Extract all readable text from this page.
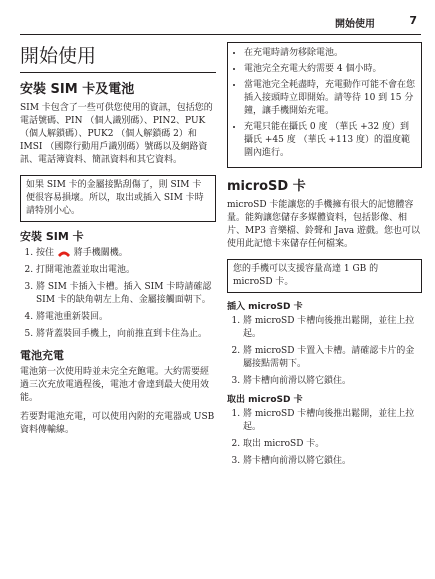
開始使用	7
開始使用
安裝 SIM 卡及電池

SIM 卡包含了一些可供您使用的資訊，包括您的電話號碼、PIN （個人識別碼）、PIN2、PUK （個人解鎖碼）、PUK2 （個人解鎖碼 2）和 IMSI （國際行動用戶識別碼）號碼以及網路資訊、電話簿資料、簡訊資料和其它資料。

如果 SIM 卡的金屬接點刮傷了，則 SIM 卡便很容易損壞。所以，取出或插入 SIM 卡時請特別小心。
安裝 SIM 卡
1. 按住 將手機關機。
2. 打開電池蓋並取出電池。
3. 將 SIM 卡插入卡槽。插入 SIM 卡時請確認 SIM 卡的缺角朝左上角、金屬接觸面朝下。
4. 將電池重新裝回。
5. 將背蓋裝回手機上，向前推直到卡住為止。
電池充電

電池第一次使用時並未完全充飽電。大約需要經過三次充放電過程後，電池才會達到最大使用效能。

若要對電池充電，可以使用內附的充電器或 USB 資料傳輸線。

• 在充電時請勿移除電池。
• 電池完全充電大約需要 4 個小時。
• 當電池完全耗盡時，充電動作可能不會在您插入接頭時立即開始。請等待 10 到 15 分鐘，讓手機開始充電。
• 充電只能在攝氏 0 度 （華氏 +32 度）到攝氏 +45 度 （華氏 +113 度）的溫度範圍內進行。
microSD 卡

microSD 卡能讓您的手機擁有很大的記憶體容量。能夠讓您儲存多媒體資料，包括影像、相片、MP3 音樂檔、鈴聲和 Java 遊戲。您也可以使用此記憶卡來儲存任何檔案。

您的手機可以支援容量高達 1 GB 的 microSD 卡。
插入 microSD 卡
1. 將 microSD 卡槽向後推出鬆開，並往上拉起。
2. 將 microSD 卡置入卡槽。請確認卡片的金屬接點需朝下。
3. 將卡槽向前滑以將它鎖住。
取出 microSD 卡
1. 將 microSD 卡槽向後推出鬆開，並往上拉起。
2. 取出 microSD 卡。
3. 將卡槽向前滑以將它鎖住。
